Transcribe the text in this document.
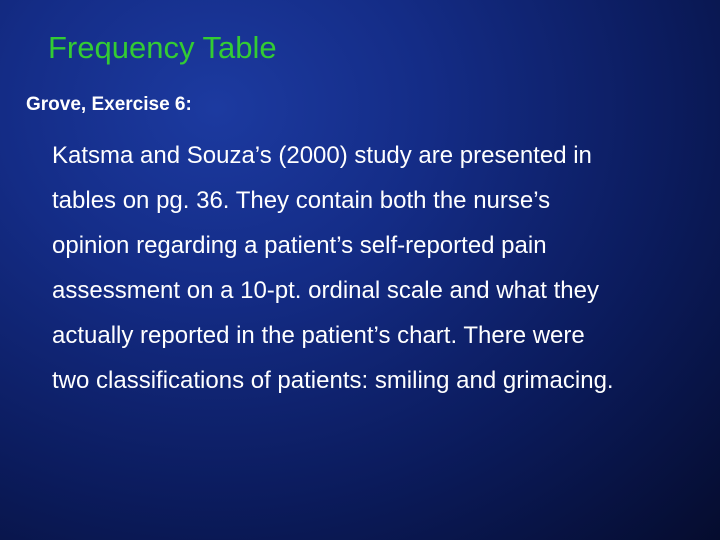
Frequency Table
Grove, Exercise 6:
Katsma and Souza’s (2000) study are presented in
tables on pg. 36. They contain both the nurse’s
opinion regarding a patient’s self-reported pain
assessment on a 10-pt. ordinal scale and what they
actually reported in the patient’s chart. There were
two classifications of patients: smiling and grimacing.
